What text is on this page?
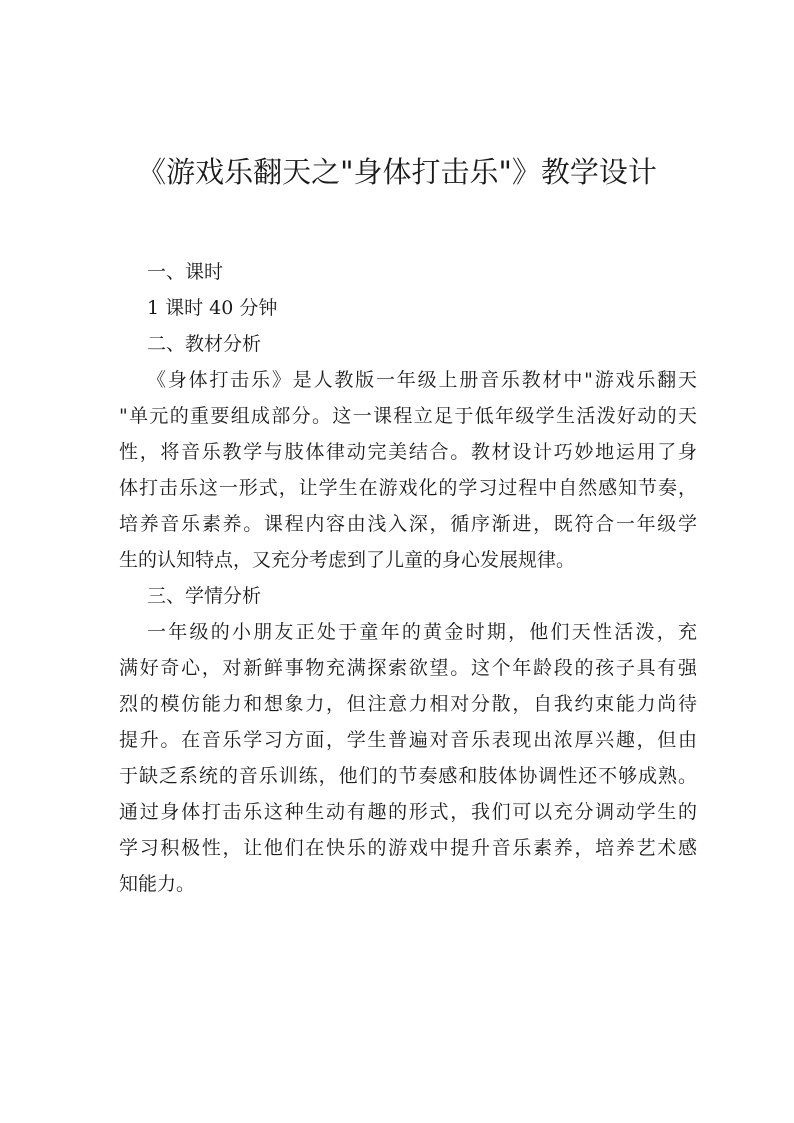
《游戏乐翻天之"身体打击乐"》教学设计
一、课时
1 课时 40 分钟
二、教材分析
《身体打击乐》是人教版一年级上册音乐教材中"游戏乐翻天
"单元的重要组成部分。这一课程立足于低年级学生活泼好动的天
性，将音乐教学与肢体律动完美结合。教材设计巧妙地运用了身
体打击乐这一形式，让学生在游戏化的学习过程中自然感知节奏，
培养音乐素养。课程内容由浅入深，循序渐进，既符合一年级学
生的认知特点，又充分考虑到了儿童的身心发展规律。
三、学情分析
一年级的小朋友正处于童年的黄金时期，他们天性活泼，充
满好奇心，对新鲜事物充满探索欲望。这个年龄段的孩子具有强
烈的模仿能力和想象力，但注意力相对分散，自我约束能力尚待
提升。在音乐学习方面，学生普遍对音乐表现出浓厚兴趣，但由
于缺乏系统的音乐训练，他们的节奏感和肢体协调性还不够成熟。
通过身体打击乐这种生动有趣的形式，我们可以充分调动学生的
学习积极性，让他们在快乐的游戏中提升音乐素养，培养艺术感
知能力。
